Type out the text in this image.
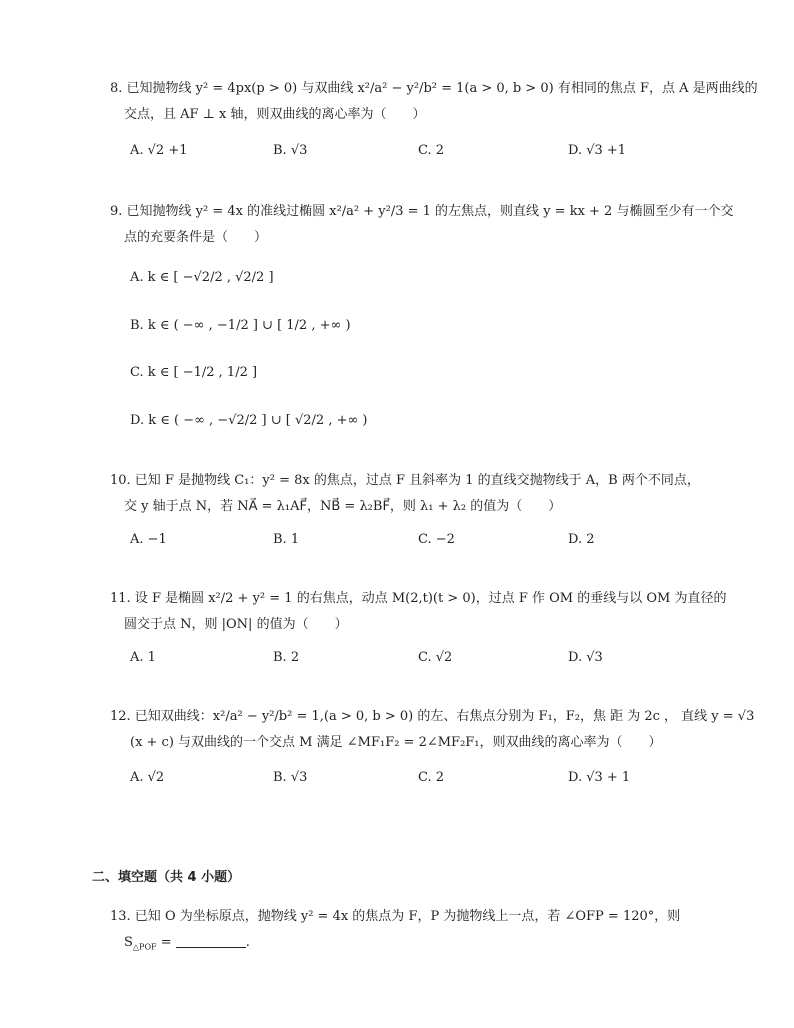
8. 已知抛物线 y² = 4px(p > 0) 与双曲线 x²/a² − y²/b² = 1(a > 0, b > 0) 有相同的焦点 F，点 A 是两曲线的
交点，且 AF ⊥ x 轴，则双曲线的离心率为（　　）
A. √2 +1	B. √3	C. 2	D. √3 +1
9. 已知抛物线 y² = 4x 的准线过椭圆 x²/a² + y²/3 = 1 的左焦点，则直线 y = kx + 2 与椭圆至少有一个交
点的充要条件是（　　）
A. k ∈ [ −√2/2 , √2/2 ]
B. k ∈ ( −∞ , −1/2 ] ∪ [ 1/2 , +∞ )
C. k ∈ [ −1/2 , 1/2 ]
D. k ∈ ( −∞ , −√2/2 ] ∪ [ √2/2 , +∞ )
10. 已知 F 是抛物线 C₁：y² = 8x 的焦点，过点 F 且斜率为 1 的直线交抛物线于 A，B 两个不同点，
交 y 轴于点 N，若 NA⃗ = λ₁AF⃗，NB⃗ = λ₂BF⃗，则 λ₁ + λ₂ 的值为（　　）
A. −1	B. 1	C. −2	D. 2
11. 设 F 是椭圆 x²/2 + y² = 1 的右焦点，动点 M(2,t)(t > 0)，过点 F 作 OM 的垂线与以 OM 为直径的
圆交于点 N，则 |ON| 的值为（　　）
A. 1	B. 2	C. √2	D. √3
12. 已知双曲线：x²/a² − y²/b² = 1,(a > 0, b > 0) 的左、右焦点分别为 F₁，F₂，焦 距 为 2c ， 直线 y = √3
(x + c) 与双曲线的一个交点 M 满足 ∠MF₁F₂ = 2∠MF₂F₁，则双曲线的离心率为（　　）
A. √2	B. √3	C. 2	D. √3 + 1
二、填空题（共 4 小题）
13. 已知 O 为坐标原点，抛物线 y² = 4x 的焦点为 F，P 为抛物线上一点，若 ∠OFP = 120°，则
$S_{\triangle POF}$ =	.
